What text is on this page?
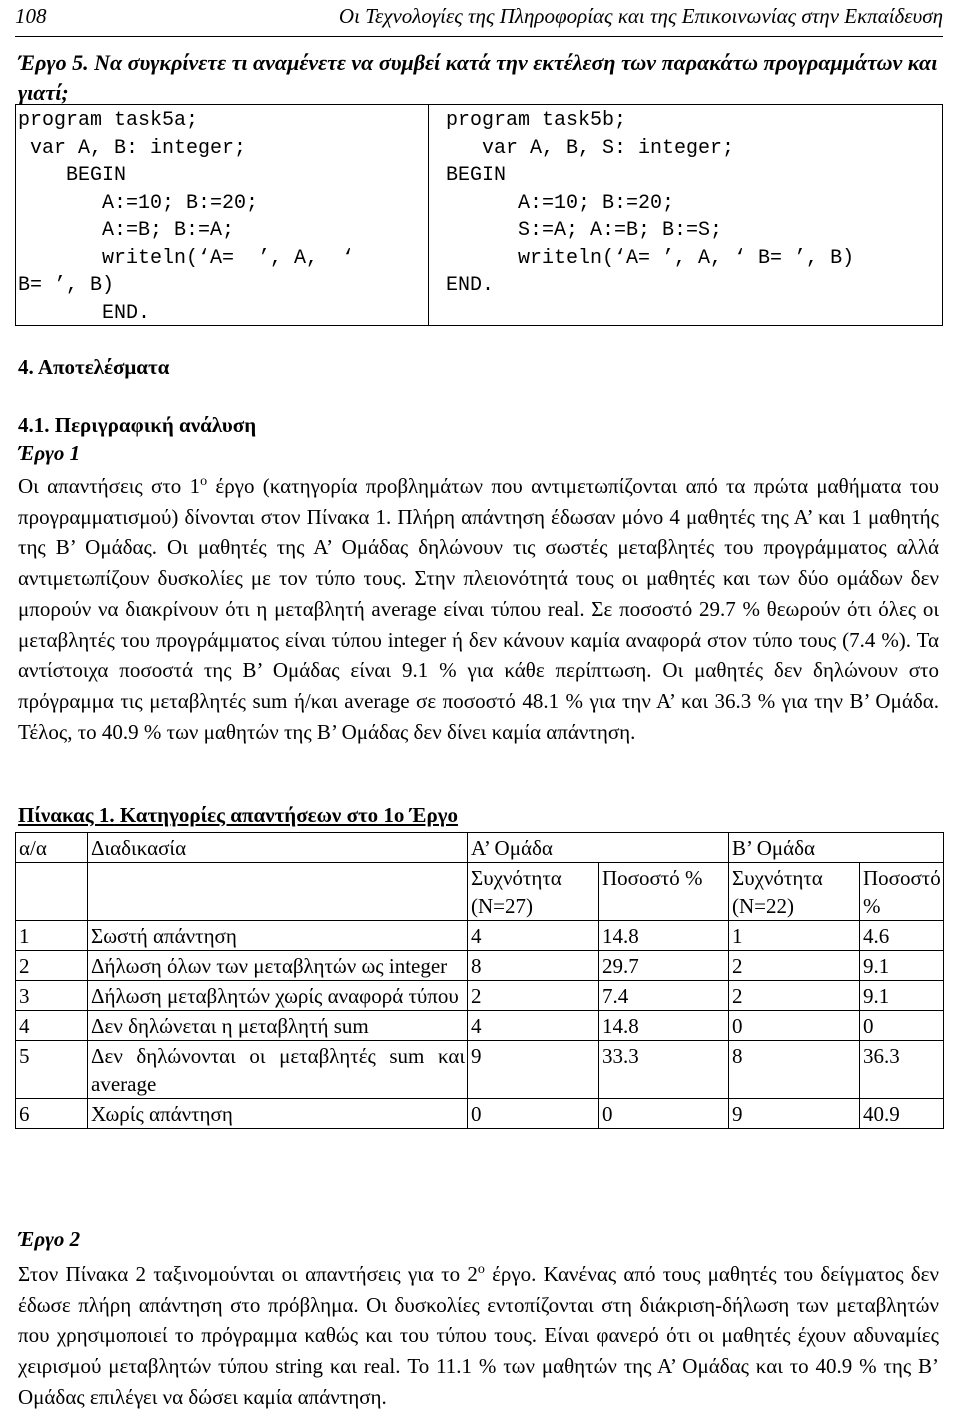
108	Οι Τεχνολογίες της Πληροφορίας και της Επικοινωνίας στην Εκπαίδευση
Έργο 5. Να συγκρίνετε τι αναμένετε να συμβεί κατά την εκτέλεση των παρακάτω προγραμμάτων και γιατί;
program task5a;
var A, B: integer;
BEGIN
A:=10; B:=20;
A:=B; B:=A;
writeln(‘A=  ’, A,  ‘
B= ’, B)
END.
program task5b;
var A, B, S: integer;
BEGIN
A:=10; B:=20;
S:=A; A:=B; B:=S;
writeln(‘A= ’, A, ‘ B= ’, B)
END.
4. Αποτελέσματα
4.1. Περιγραφική ανάλυση
Έργο 1

Οι απαντήσεις στο $1^o$ έργο (κατηγορία προβλημάτων που αντιμετωπίζονται από τα πρώτα μαθήματα του προγραμματισμού) δίνονται στον Πίνακα 1. Πλήρη απάντηση έδωσαν μόνο 4 μαθητές της Α’ και 1 μαθητής της Β’ Ομάδας. Οι μαθητές της Α’ Ομάδας δηλώνουν τις σωστές μεταβλητές του προγράμματος αλλά αντιμετωπίζουν δυσκολίες με τον τύπο τους. Στην πλειονότητά τους οι μαθητές και των δύο ομάδων δεν μπορούν να διακρίνουν ότι η μεταβλητή average είναι τύπου real. Σε ποσοστό 29.7 % θεωρούν ότι όλες οι μεταβλητές του προγράμματος είναι τύπου integer ή δεν κάνουν καμία αναφορά στον τύπο τους (7.4 %). Τα αντίστοιχα ποσοστά της Β’ Ομάδας είναι 9.1 % για κάθε περίπτωση. Οι μαθητές δεν δηλώνουν στο πρόγραμμα τις μεταβλητές sum ή/και average σε ποσοστό 48.1 % για την Α’ και 36.3 % για την Β’ Ομάδα. Τέλος, το 40.9 % των μαθητών της Β’ Ομάδας δεν δίνει καμία απάντηση.

Πίνακας 1. Κατηγορίες απαντήσεων στο 1ο Έργο
α/α	Διαδικασία	Α’ Ομάδα		Β’ Ομάδα	
		Συχνότητα (N=27)	Ποσοστό %	Συχνότητα (N=22)	Ποσοστό %
1	Σωστή απάντηση	4	14.8	1	4.6
2	Δήλωση όλων των μεταβλητών ως integer	8	29.7	2	9.1
3	Δήλωση μεταβλητών χωρίς αναφορά τύπου	2	7.4	2	9.1
4	Δεν δηλώνεται η μεταβλητή sum	4	14.8	0	0
5	Δεν δηλώνονται οι μεταβλητές sum και average	9	33.3	8	36.3
6	Χωρίς απάντηση	0	0	9	40.9
Έργο 2

Στον Πίνακα 2 ταξινομούνται οι απαντήσεις για το $2^o$ έργο. Κανένας από τους μαθητές του δείγματος δεν έδωσε πλήρη απάντηση στο πρόβλημα. Οι δυσκολίες εντοπίζονται στη διάκριση-δήλωση των μεταβλητών που χρησιμοποιεί το πρόγραμμα καθώς και του τύπου τους. Είναι φανερό ότι οι μαθητές έχουν αδυναμίες χειρισμού μεταβλητών τύπου string και real. Το 11.1 % των μαθητών της Α’ Ομάδας και το 40.9 % της Β’ Ομάδας επιλέγει να δώσει καμία απάντηση.
